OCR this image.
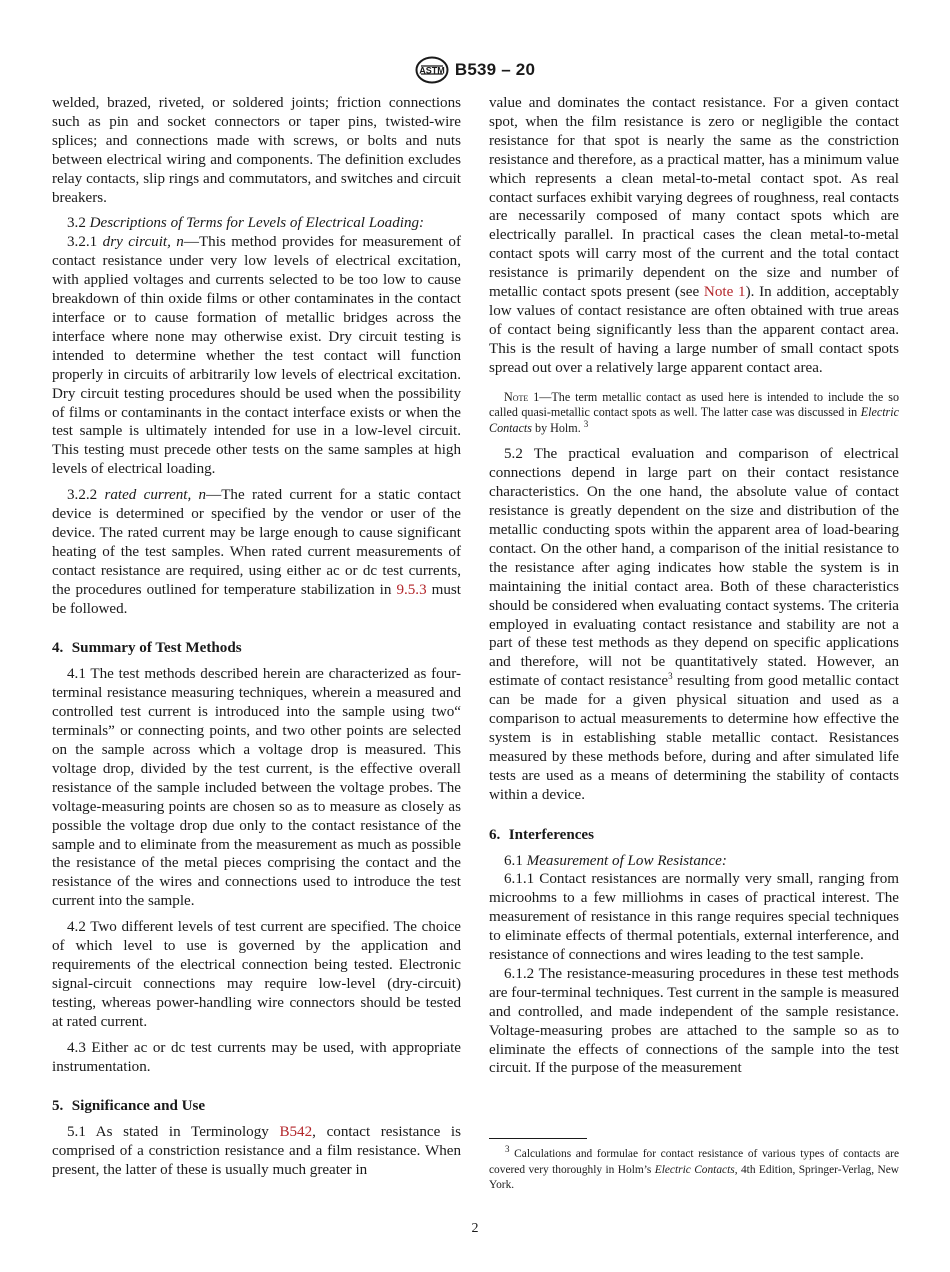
ASTM B539 – 20

welded, brazed, riveted, or soldered joints; friction connections such as pin and socket connectors or taper pins, twisted-wire splices; and connections made with screws, or bolts and nuts between electrical wiring and components. The definition excludes relay contacts, slip rings and commutators, and switches and circuit breakers.

3.2 Descriptions of Terms for Levels of Electrical Loading:

3.2.1 dry circuit, n—This method provides for measurement of contact resistance under very low levels of electrical excitation, with applied voltages and currents selected to be too low to cause breakdown of thin oxide films or other contaminates in the contact interface or to cause formation of metallic bridges across the interface where none may otherwise exist. Dry circuit testing is intended to determine whether the test contact will function properly in circuits of arbitrarily low levels of electrical excitation. Dry circuit testing procedures should be used when the possibility of films or contaminants in the contact interface exists or when the test sample is ultimately intended for use in a low-level circuit. This testing must precede other tests on the same samples at high levels of electrical loading.

3.2.2 rated current, n—The rated current for a static contact device is determined or specified by the vendor or user of the device. The rated current may be large enough to cause significant heating of the test samples. When rated current measurements of contact resistance are required, using either ac or dc test currents, the procedures outlined for temperature stabilization in 9.5.3 must be followed.

4. Summary of Test Methods

4.1 The test methods described herein are characterized as four-terminal resistance measuring techniques, wherein a measured and controlled test current is introduced into the sample using two“ terminals” or connecting points, and two other points are selected on the sample across which a voltage drop is measured. This voltage drop, divided by the test current, is the effective overall resistance of the sample included between the voltage probes. The voltage-measuring points are chosen so as to measure as closely as possible the voltage drop due only to the contact resistance of the sample and to eliminate from the measurement as much as possible the resistance of the metal pieces comprising the contact and the resistance of the wires and connections used to introduce the test current into the sample.

4.2 Two different levels of test current are specified. The choice of which level to use is governed by the application and requirements of the electrical connection being tested. Electronic signal-circuit connections may require low-level (dry-circuit) testing, whereas power-handling wire connectors should be tested at rated current.

4.3 Either ac or dc test currents may be used, with appropriate instrumentation.

5. Significance and Use

5.1 As stated in Terminology B542, contact resistance is comprised of a constriction resistance and a film resistance. When present, the latter of these is usually much greater in

value and dominates the contact resistance. For a given contact spot, when the film resistance is zero or negligible the contact resistance for that spot is nearly the same as the constriction resistance and therefore, as a practical matter, has a minimum value which represents a clean metal-to-metal contact spot. As real contact surfaces exhibit varying degrees of roughness, real contacts are necessarily composed of many contact spots which are electrically parallel. In practical cases the clean metal-to-metal contact spots will carry most of the current and the total contact resistance is primarily dependent on the size and number of metallic contact spots present (see Note 1). In addition, acceptably low values of contact resistance are often obtained with true areas of contact being significantly less than the apparent contact area. This is the result of having a large number of small contact spots spread out over a relatively large apparent contact area.

Note 1—The term metallic contact as used here is intended to include the so called quasi-metallic contact spots as well. The latter case was discussed in Electric Contacts by Holm. $^3$

5.2 The practical evaluation and comparison of electrical connections depend in large part on their contact resistance characteristics. On the one hand, the absolute value of contact resistance is greatly dependent on the size and distribution of the metallic conducting spots within the apparent area of load-bearing contact. On the other hand, a comparison of the initial resistance to the resistance after aging indicates how stable the system is in maintaining the initial contact area. Both of these characteristics should be considered when evaluating contact systems. The criteria employed in evaluating contact resistance and stability are not a part of these test methods as they depend on specific applications and therefore, will not be quantitatively stated. However, an estimate of contact resistance$^3$ resulting from good metallic contact can be made for a given physical situation and used as a comparison to actual measurements to determine how effective the system is in establishing stable metallic contact. Resistances measured by these methods before, during and after simulated life tests are used as a means of determining the stability of contacts within a device.

6. Interferences

6.1 Measurement of Low Resistance:

6.1.1 Contact resistances are normally very small, ranging from microohms to a few milliohms in cases of practical interest. The measurement of resistance in this range requires special techniques to eliminate effects of thermal potentials, external interference, and resistance of connections and wires leading to the test sample.

6.1.2 The resistance-measuring procedures in these test methods are four-terminal techniques. Test current in the sample is measured and controlled, and made independent of the sample resistance. Voltage-measuring probes are attached to the sample so as to eliminate the effects of connections of the sample into the test circuit. If the purpose of the measurement

$^3$ Calculations and formulae for contact resistance of various types of contacts are covered very thoroughly in Holm’s Electric Contacts, 4th Edition, Springer-Verlag, New York.

2
